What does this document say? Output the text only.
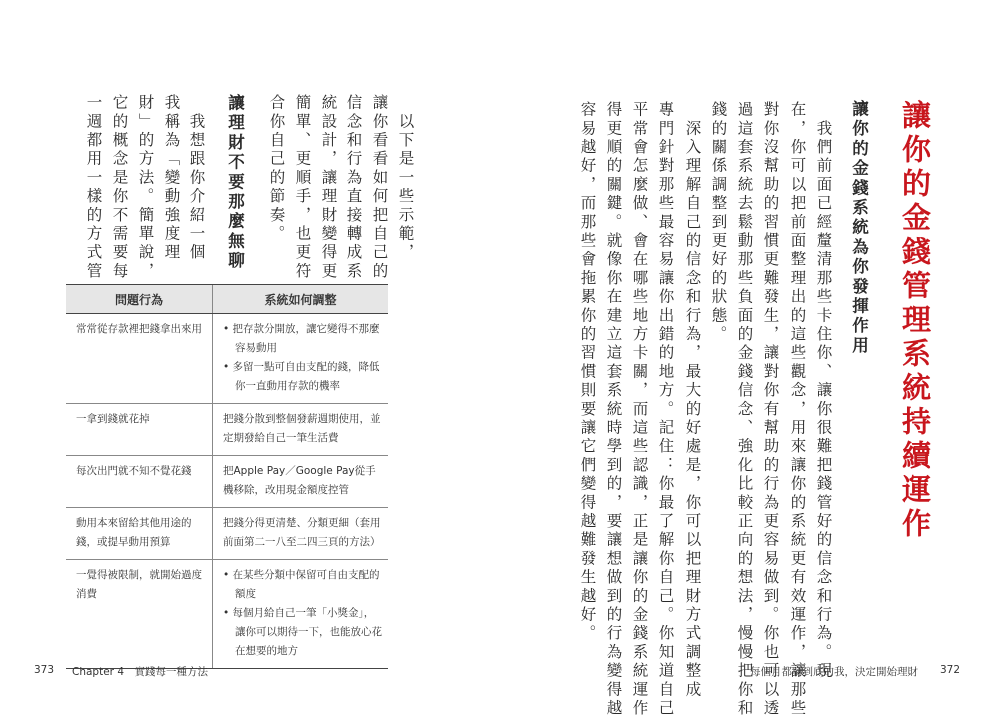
讓你的金錢管理系統持續運作
讓你的金錢系統為你發揮作用
　我們前面已經釐清那些卡住你、讓你很難把錢管好的信念和行為。現
在，你可以把前面整理出的這些觀念，用來讓你的系統更有效運作，讓那些
對你沒幫助的習慣更難發生，讓對你有幫助的行為更容易做到。你也可以透
過這套系統去鬆動那些負面的金錢信念、強化比較正向的想法，慢慢把你和
錢的關係調整到更好的狀態。
　深入理解自己的信念和行為，最大的好處是，你可以把理財方式調整成
專門針對那些最容易讓你出錯的地方。記住：你最了解你自己。你知道自己
平常會怎麼做、會在哪些地方卡關，而這些認識，正是讓你的金錢系統運作
得更順的關鍵。就像你在建立這套系統時學到的，要讓想做到的行為變得越
容易越好，而那些會拖累你的習慣則要讓它們變得越難發生越好。
每個月都窮到底的我，決定開始理財 372
　以下是一些示範，
讓你看看如何把自己的
信念和行為直接轉成系
統設計，讓理財變得更
簡單、更順手，也更符
合你自己的節奏。
讓理財不要那麼無聊
　我想跟你介紹一個
我稱為「變動強度理
財」的方法。簡單說，
它的概念是你不需要每
一週都用一樣的方式管
問題行為	系統如何調整
常常從存款裡把錢拿出來用	• 把存款分開放，讓它變得不那麼容易動用
• 多留一點可自由支配的錢，降低你一直動用存款的機率

一拿到錢就花掉	把錢分散到整個發薪週期使用，並定期發給自己一筆生活費
每次出門就不知不覺花錢	把Apple Pay／Google Pay從手機移除，改用現金額度控管
動用本來留給其他用途的錢，或提早動用預算	把錢分得更清楚、分類更細（套用前面第二一八至二四三頁的方法）
一覺得被限制，就開始過度消費	• 在某些分類中保留可自由支配的額度
• 每個月給自己一筆「小獎金」，讓你可以期待一下，也能放心花在想要的地方
373 Chapter 4　實踐每一種方法
